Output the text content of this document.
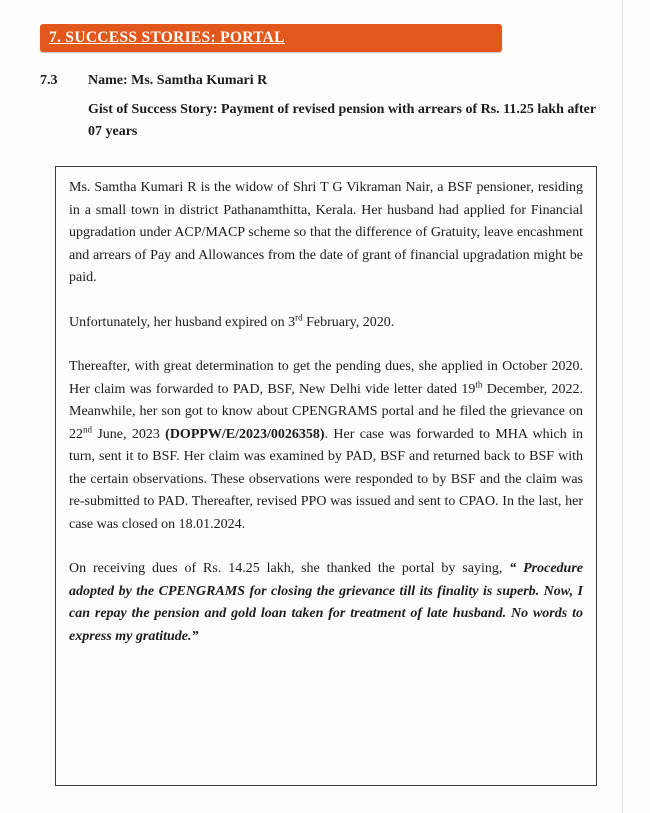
7. SUCCESS STORIES: PORTAL
7.3	Name: Ms. Samtha Kumari R
Gist of Success Story: Payment of revised pension with arrears of Rs. 11.25 lakh after 07 years

Ms. Samtha Kumari R is the widow of Shri T G Vikraman Nair, a BSF pensioner, residing in a small town in district Pathanamthitta, Kerala. Her husband had applied for Financial upgradation under ACP/MACP scheme so that the difference of Gratuity, leave encashment and arrears of Pay and Allowances from the date of grant of financial upgradation might be paid.

Unfortunately, her husband expired on 3rd February, 2020.

Thereafter, with great determination to get the pending dues, she applied in October 2020. Her claim was forwarded to PAD, BSF, New Delhi vide letter dated 19th December, 2022. Meanwhile, her son got to know about CPENGRAMS portal and he filed the grievance on 22nd June, 2023 (DOPPW/E/2023/0026358). Her case was forwarded to MHA which in turn, sent it to BSF. Her claim was examined by PAD, BSF and returned back to BSF with the certain observations. These observations were responded to by BSF and the claim was re-submitted to PAD. Thereafter, revised PPO was issued and sent to CPAO. In the last, her case was closed on 18.01.2024.

On receiving dues of Rs. 14.25 lakh, she thanked the portal by saying, “ Procedure adopted by the CPENGRAMS for closing the grievance till its finality is superb. Now, I can repay the pension and gold loan taken for treatment of late husband. No words to express my gratitude.”
